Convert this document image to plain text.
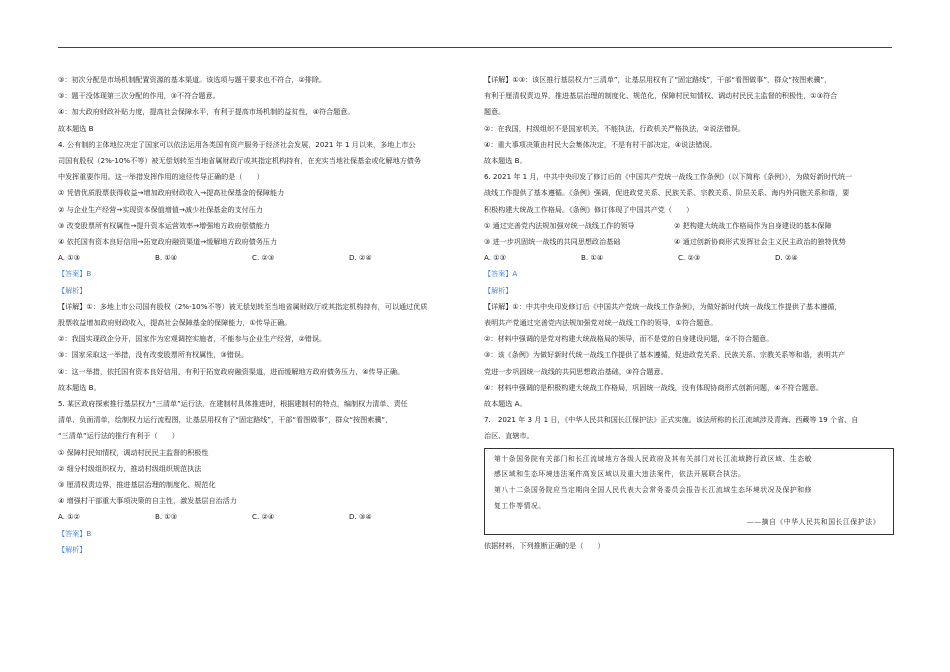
③：初次分配是市场机制配置资源的基本渠道。该选项与题干要求也不符合，②排除。

③：题干没体现第三次分配的作用，③不符合题意。

④：加大政府财政补贴力度，提高社会保障水平，有利于提高市场机制的益贫性，④符合题意。

故本题选 B

4. 公有制的主体地位决定了国家可以依法运用各类国有资产服务于经济社会发展，2021 年 1 月以来，多地上市公

司国有股权（2%-10%不等）被无偿划转至当地省属财政厅或其指定机构持有，在充实当地社保基金或化解地方债务

中发挥重要作用。这一举措发挥作用的途径传导正确的是（　　）

① 凭借优质股票获得收益→增加政府财政收入→提高社保基金的保障能力

② 与企业生产经营→实现资本保值增值→减少社保基金的支付压力

③ 改变股票所有权属性→提升资本运营效率→增强地方政府偿债能力

④ 依托国有资本良好信用→拓宽政府融资渠道→缓解地方政府债务压力

A. ①③	B. ①④	C. ②③	D. ②④

【答案】B

【解析】

【详解】①：多地上市公司国有股权（2%-10%不等）被无偿划转至当地省属财政厅或其指定机构持有，可以通过优质

股票收益增加政府财政收入，提高社会保障基金的保障能力，①传导正确。

②：我国实现政企分开，国家作为宏观调控实施者，不能参与企业生产经营，②错误。

③：国家采取这一举措，没有改变股票所有权属性，③错误。

④：这一举措，依托国有资本良好信用，有利于拓宽政府融资渠道，进而缓解地方政府债务压力，④传导正确。

故本题选 B。

5. 某区政府探索推行基层权力“三清单”运行法，在建制村具体推进时，根据建制村的特点，编制权力清单、责任

清单、负面清单，绘制权力运行流程图，让基层用权有了“固定路线”，干部“看图做事”，群众“按图索骥”，

“三清单”运行法的推行有利于（　　）

① 保障村民知情权，调动村民民主监督的积极性

② 细分村级组织权力，推动村级组织规范执法

③ 厘清权责边界，推进基层治理的制度化、规范化

④ 增强村干部重大事项决策的自主性，激发基层自治活力

A. ①②	B. ①③	C. ②④	D. ③④

【答案】B

【解析】

【详解】①③：该区推行基层权力“三清单”，让基层用权有了“固定路线”，干部“看图做事”，群众“按图索骥”，

有利于厘清权责边界，推进基层治理的制度化、规范化，保障村民知情权、调动村民民主监督的积极性，①③符合

题意。

②：在我国，村级组织不是国家机关，不能执法，行政机关严格执法，②说法错误。

④：重大事项决策由村民大会集体决定，不是有村干部决定，④说法错误。

故本题选 B。

6. 2021 年 1 月，中共中央印发了修订后的《中国共产党统一战线工作条例》（以下简称《条例》），为做好新时代统一

战线工作提供了基本遵循。《条例》强调，促进政党关系、民族关系、宗教关系、阶层关系、海内外同胞关系和谐，要

积极构建大统战工作格局。《条例》修订体现了中国共产党（　　）

① 通过完善党内法规加强对统一战线工作的领导	② 把构建大统战工作格局作为自身建设的基本保障
③ 进一步巩固统一战线的共同思想政治基础	④ 通过创新协商形式发挥社会主义民主政治的独特优势
A. ①③	B. ①④	C. ②③	D. ②④

【答案】A

【解析】

【详解】①：中共中央印发修订后《中国共产党统一战线工作条例》，为做好新时代统一战线工作提供了基本遵循，

表明共产党通过完善党内法规加强党对统一战线工作的领导，①符合题意。

②：材料中强调的是党对构建大统战格局的领导，而不是党的自身建设问题，②不符合题意。

③：该《条例》为做好新时代统一战线工作提供了基本遵循，促进政党关系、民族关系、宗教关系等和谐，表明共产

党进一步巩固统一战线的共同思想政治基础，③符合题意。

④：材料中强调的是积极构建大统战工作格局，巩固统一战线，没有体现协商形式创新问题，④不符合题意。

故本题选 A。

7.　2021 年 3 月 1 日，《中华人民共和国长江保护法》正式实施。该法所称的长江流域涉及青海、西藏等 19 个省、自

治区、直辖市。

第十条国务院有关部门和长江流域地方各级人民政府及其有关部门对长江流域跨行政区域、生态敏

感区域和生态环境违法案件高发区域以及重大违法案件，依法开展联合执法。

第八十二条国务院应当定期向全国人民代表大会常务委员会报告长江流域生态环境状况及保护和修

复工作等情况。

——摘自《中华人民共和国长江保护法》

依据材料，下列推断正确的是（　　）
